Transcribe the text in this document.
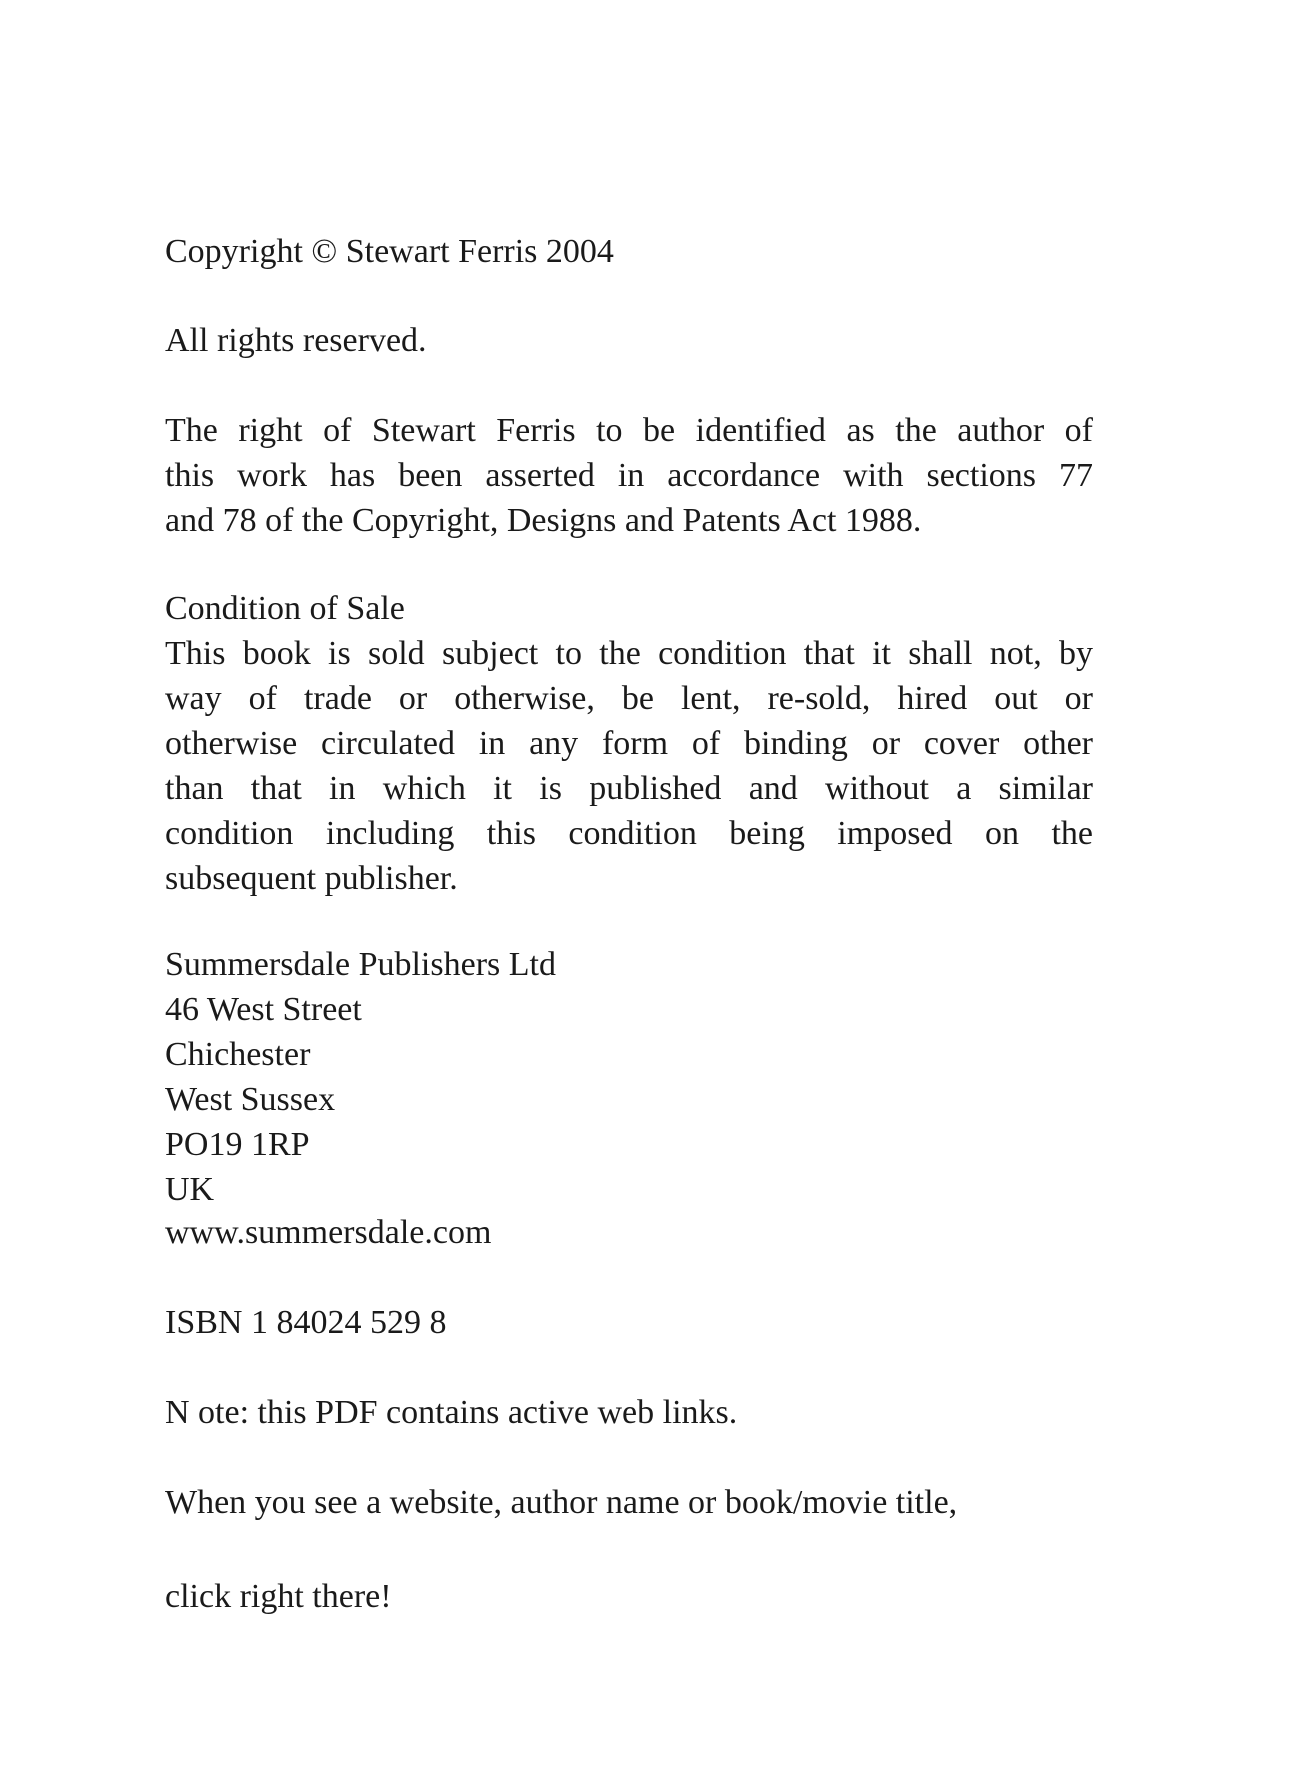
Copyright © Stewart Ferris 2004

All rights reserved.

The right of Stewart Ferris to be identified as the author of
this work has been asserted in accordance with sections 77
and 78 of the Copyright, Designs and Patents Act 1988.

Condition of Sale
This book is sold subject to the condition that it shall not, by
way of trade or otherwise, be lent, re-sold, hired out or
otherwise circulated in any form of binding or cover other
than that in which it is published and without a similar
condition including this condition being imposed on the
subsequent publisher.
Summersdale Publishers Ltd
46 West Street
Chichester
West Sussex
PO19 1RP
UK

www.summersdale.com

ISBN 1 84024 529 8

N ote: this PDF contains active web links.

When you see a website, author name or book/movie title,

click right there!
